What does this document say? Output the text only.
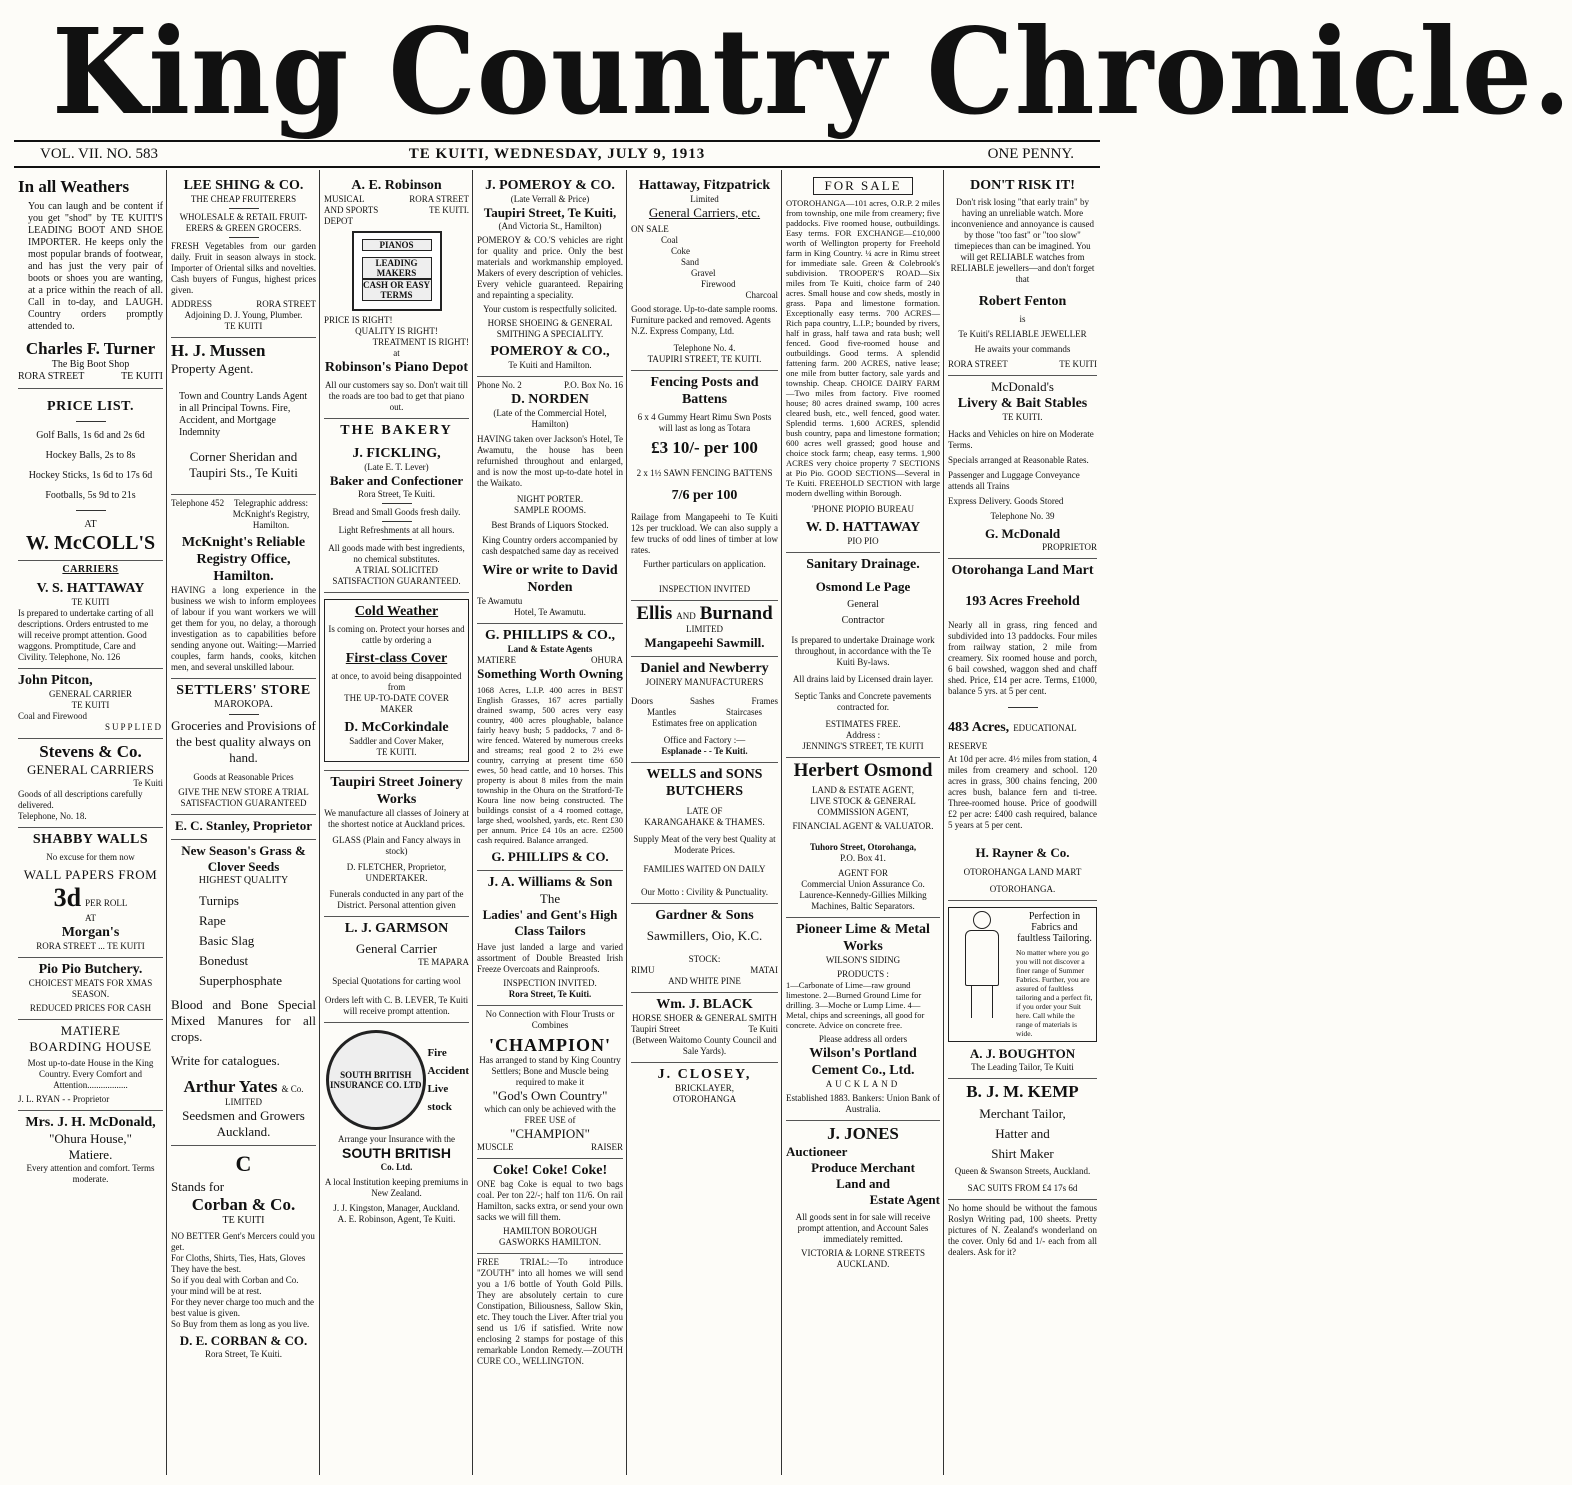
King Country Chronicle.
VOL. VII. NO. 583	TE KUITI, WEDNESDAY, JULY 9, 1913	ONE PENNY.
In all Weathers
You can laugh and be content if you get "shod" by TE KUITI'S LEADING BOOT AND SHOE IMPORTER. He keeps only the most popular brands of footwear, and has just the very pair of boots or shoes you are wanting, at a price within the reach of all. Call in to-day, and LAUGH. Country orders promptly attended to.
Charles F. Turner
The Big Boot Shop
RORA STREET	TE KUITI
PRICE LIST.
Golf Balls, 1s 6d and 2s 6d
Hockey Balls, 2s to 8s
Hockey Sticks, 1s 6d to 17s 6d
Footballs, 5s 9d to 21s
AT
W. McCOLL'S
CARRIERS
V. S. HATTAWAY
TE KUITI
Is prepared to undertake carting of all descriptions. Orders entrusted to me will receive prompt attention. Good waggons. Promptitude, Care and Civility. Telephone, No. 126
John Pitcon,
GENERAL CARRIER
TE KUITI
Coal and Firewood
SUPPLIED
Stevens & Co.
GENERAL CARRIERS
Te Kuiti
Goods of all descriptions carefully delivered.
Telephone, No. 18.
SHABBY WALLS
No excuse for them now
WALL PAPERS FROM
3d PER ROLL
AT
Morgan's
RORA STREET ... TE KUITI
Pio Pio Butchery.
CHOICEST MEATS FOR XMAS SEASON.
REDUCED PRICES FOR CASH
MATIERE
BOARDING HOUSE
Most up-to-date House in the King Country. Every Comfort and Attention..................
J. L. RYAN - - Proprietor
Mrs. J. H. McDonald,
"Ohura House,"
Matiere.
Every attention and comfort. Terms moderate.
LEE SHING & CO.
THE CHEAP FRUITERERS
WHOLESALE & RETAIL FRUIT-ERERS & GREEN GROCERS.
FRESH Vegetables from our garden daily. Fruit in season always in stock. Importer of Oriental silks and novelties. Cash buyers of Fungus, highest prices given.
ADDRESS	RORA STREET
Adjoining D. J. Young, Plumber.
TE KUITI
H. J. Mussen
Property Agent.
Town and Country Lands Agent in all Principal Towns. Fire, Accident, and Mortgage Indemnity
Corner Sheridan and Taupiri Sts., Te Kuiti
Telephone 452	Telegraphic address: McKnight's Registry, Hamilton.
McKnight's Reliable Registry Office, Hamilton.
HAVING a long experience in the business we wish to inform employees of labour if you want workers we will get them for you, no delay, a thorough investigation as to capabilities before sending anyone out. Waiting:—Married couples, farm hands, cooks, kitchen men, and several unskilled labour.
SETTLERS' STORE
MAROKOPA.
Groceries and Provisions of the best quality always on hand.
Goods at Reasonable Prices
GIVE THE NEW STORE A TRIAL SATISFACTION GUARANTEED
E. C. Stanley, Proprietor
New Season's Grass & Clover Seeds
HIGHEST QUALITY
Turnips
Rape
Basic Slag
Bonedust
Superphosphate
Blood and Bone Special Mixed Manures for all crops.
Write for catalogues.
Arthur Yates & Co.
LIMITED
Seedsmen and Growers
Auckland.
C
Stands for
Corban & Co.
TE KUITI
NO BETTER Gent's Mercers could you get.
For Cloths, Shirts, Ties, Hats, Gloves They have the best.
So if you deal with Corban and Co. your mind will be at rest.
For they never charge too much and the best value is given.
So Buy from them as long as you live.
D. E. CORBAN & CO.
Rora Street, Te Kuiti.
A. E. Robinson
MUSICAL AND SPORTS DEPOT
RORA STREET TE KUITI.
PIANOS
LEADING MAKERS
CASH OR EASY TERMS
PRICE IS RIGHT!
QUALITY IS RIGHT!
TREATMENT IS RIGHT!
at
Robinson's Piano Depot
All our customers say so. Don't wait till the roads are too bad to get that piano out.
THE BAKERY
J. FICKLING,
(Late E. T. Lever)
Baker and Confectioner
Rora Street, Te Kuiti.
Bread and Small Goods fresh daily.
Light Refreshments at all hours.
All goods made with best ingredients, no chemical substitutes.
A TRIAL SOLICITED
SATISFACTION GUARANTEED.
Cold Weather
Is coming on. Protect your horses and cattle by ordering a
First-class Cover
at once, to avoid being disappointed
from
THE UP-TO-DATE COVER MAKER
D. McCorkindale
Saddler and Cover Maker,
TE KUITI.
Taupiri Street Joinery Works
We manufacture all classes of Joinery at the shortest notice at Auckland prices.
GLASS (Plain and Fancy always in stock)
D. FLETCHER, Proprietor,
UNDERTAKER.
Funerals conducted in any part of the District. Personal attention given
L. J. GARMSON
General Carrier
TE MAPARA
Special Quotations for carting wool
Orders left with C. B. LEVER, Te Kuiti will receive prompt attention.
SOUTH BRITISH INSURANCE CO. LTD
Fire
Accident
Live
stock
Arrange your Insurance with the
SOUTH BRITISH
Co. Ltd.
A local Institution keeping premiums in New Zealand.
J. J. Kingston, Manager, Auckland.
A. E. Robinson, Agent, Te Kuiti.
J. POMEROY & CO.
(Late Verrall & Price)
Taupiri Street, Te Kuiti,
(And Victoria St., Hamilton)
POMEROY & CO.'S vehicles are right for quality and price. Only the best materials and workmanship employed. Makers of every description of vehicles. Every vehicle guaranteed. Repairing and repainting a speciality.
Your custom is respectfully solicited.
HORSE SHOEING & GENERAL SMITHING A SPECIALITY.
POMEROY & CO.,
Te Kuiti and Hamilton.
Phone No. 2	P.O. Box No. 16
D. NORDEN
(Late of the Commercial Hotel, Hamilton)
HAVING taken over Jackson's Hotel, Te Awamutu, the house has been refurnished throughout and enlarged, and is now the most up-to-date hotel in the Waikato.
NIGHT PORTER.
SAMPLE ROOMS.
Best Brands of Liquors Stocked.
King Country orders accompanied by cash despatched same day as received
Wire or write to David Norden
Te Awamutu
Hotel, Te Awamutu.
G. PHILLIPS & CO.,
Land & Estate Agents
MATIERE	OHURA
Something Worth Owning
1068 Acres, L.I.P. 400 acres in BEST English Grasses, 167 acres partially drained swamp, 500 acres very easy country, 400 acres ploughable, balance fairly heavy bush; 5 paddocks, 7 and 8-wire fenced. Watered by numerous creeks and streams; real good 2 to 2½ ewe country, carrying at present time 650 ewes, 50 head cattle, and 10 horses. This property is about 8 miles from the main township in the Ohura on the Stratford-Te Koura line now being constructed. The buildings consist of a 4 roomed cottage, large shed, woolshed, yards, etc. Rent £30 per annum. Price £4 10s an acre. £2500 cash required. Balance arranged.
G. PHILLIPS & CO.
J. A. Williams & Son
The
Ladies' and Gent's High Class Tailors
Have just landed a large and varied assortment of Double Breasted Irish Freeze Overcoats and Rainproofs.
INSPECTION INVITED.
Rora Street, Te Kuiti.
No Connection with Flour Trusts or Combines
'CHAMPION'
Has arranged to stand by King Country Settlers; Bone and Muscle being required to make it
"God's Own Country"
which can only be achieved with the FREE USE of
"CHAMPION"
MUSCLE	RAISER
Coke! Coke! Coke!
ONE bag Coke is equal to two bags coal. Per ton 22/-; half ton 11/6. On rail Hamilton, sacks extra, or send your own sacks we will fill them.
HAMILTON BOROUGH GASWORKS HAMILTON.
FREE TRIAL:—To introduce "ZOUTH" into all homes we will send you a 1/6 bottle of Youth Gold Pills. They are absolutely certain to cure Constipation, Biliousness, Sallow Skin, etc. They touch the Liver. After trial you send us 1/6 if satisfied. Write now enclosing 2 stamps for postage of this remarkable London Remedy.—ZOUTH CURE CO., WELLINGTON.
Hattaway, Fitzpatrick
Limited
General Carriers, etc.
ON SALE
Coal
Coke
Sand
Gravel
Firewood
Charcoal
Good storage. Up-to-date sample rooms. Furniture packed and removed. Agents N.Z. Express Company, Ltd.
Telephone No. 4.
TAUPIRI STREET, TE KUITI.
Fencing Posts and Battens
6 x 4 Gummy Heart Rimu Swn Posts will last as long as Totara
£3 10/- per 100
2 x 1½ SAWN FENCING BATTENS
7/6 per 100
Railage from Mangapeehi to Te Kuiti 12s per truckload. We can also supply a few trucks of odd lines of timber at low rates.
Further particulars on application.
INSPECTION INVITED
Ellis AND Burnand
LIMITED
Mangapeehi Sawmill.
Daniel and Newberry
JOINERY MANUFACTURERS
Doors	Sashes	Frames
Mantles	Staircases
Estimates free on application
Office and Factory :—
Esplanade - - Te Kuiti.
WELLS and SONS
BUTCHERS
LATE OF
KARANGAHAKE & THAMES.
Supply Meat of the very best Quality at Moderate Prices.
FAMILIES WAITED ON DAILY
Our Motto : Civility & Punctuality.
Gardner & Sons
Sawmillers, Oio, K.C.
STOCK:
RIMU	MATAI
AND WHITE PINE
Wm. J. BLACK
HORSE SHOER & GENERAL SMITH
Taupiri Street	Te Kuiti
(Between Waitomo County Council and Sale Yards).
J. CLOSEY,
BRICKLAYER,
OTOROHANGA
FOR SALE
OTOROHANGA—101 acres, O.R.P. 2 miles from township, one mile from creamery; five paddocks. Five roomed house, outbuildings. Easy terms. FOR EXCHANGE—£10,000 worth of Wellington property for Freehold farm in King Country. ¼ acre in Rimu street for immediate sale. Green & Colebrook's subdivision. TROOPER'S ROAD—Six miles from Te Kuiti, choice farm of 240 acres. Small house and cow sheds, mostly in grass. Papa and limestone formation. Exceptionally easy terms. 700 ACRES—Rich papa country, L.I.P.; bounded by rivers, half in grass, half tawa and rata bush; well fenced. Good five-roomed house and outbuildings. Good terms. A splendid fattening farm. 200 ACRES, native lease; one mile from butter factory, sale yards and township. Cheap. CHOICE DAIRY FARM—Two miles from factory. Five roomed house; 80 acres drained swamp, 100 acres cleared bush, etc., well fenced, good water. Splendid terms. 1,600 ACRES, splendid bush country, papa and limestone formation; 600 acres well grassed; good house and choice stock farm; cheap, easy terms. 1,900 ACRES very choice property 7 SECTIONS at Pio Pio. GOOD SECTIONS—Several in Te Kuiti. FREEHOLD SECTION with large modern dwelling within Borough.
'PHONE PIOPIO BUREAU
W. D. HATTAWAY
PIO PIO
Sanitary Drainage.
Osmond Le Page
General
Contractor
Is prepared to undertake Drainage work throughout, in accordance with the Te Kuiti By-laws.
All drains laid by Licensed drain layer.
Septic Tanks and Concrete pavements contracted for.
ESTIMATES FREE.
Address :
JENNING'S STREET, TE KUITI
Herbert Osmond
LAND & ESTATE AGENT,
LIVE STOCK & GENERAL COMMISSION AGENT,
FINANCIAL AGENT & VALUATOR.
Tuhoro Street, Otorohanga,
P.O. Box 41.
AGENT FOR
Commercial Union Assurance Co. Laurence-Kennedy-Gillies Milking Machines, Baltic Separators.
Pioneer Lime & Metal Works
WILSON'S SIDING
PRODUCTS :
1—Carbonate of Lime—raw ground limestone. 2—Burned Ground Lime for drilling. 3—Moche or Lump Lime. 4—Metal, chips and screenings, all good for concrete. Advice on concrete free.
Please address all orders
Wilson's Portland Cement Co., Ltd.
AUCKLAND
Established 1883. Bankers: Union Bank of Australia.
J. JONES
Auctioneer
Produce Merchant
Land and
Estate Agent
All goods sent in for sale will receive prompt attention, and Account Sales immediately remitted.
VICTORIA & LORNE STREETS AUCKLAND.
DON'T RISK IT!
Don't risk losing "that early train" by having an unreliable watch. More inconvenience and annoyance is caused by those "too fast" or "too slow" timepieces than can be imagined. You will get RELIABLE watches from RELIABLE jewellers—and don't forget that
Robert Fenton
is
Te Kuiti's RELIABLE JEWELLER
He awaits your commands
RORA STREET	TE KUITI
McDonald's
Livery & Bait Stables
TE KUITI.
Hacks and Vehicles on hire on Moderate Terms.
Specials arranged at Reasonable Rates.
Passenger and Luggage Conveyance attends all Trains
Express Delivery. Goods Stored
Telephone No. 39
G. McDonald
PROPRIETOR
Otorohanga Land Mart
193 Acres Freehold
Nearly all in grass, ring fenced and subdivided into 13 paddocks. Four miles from railway station, 2 mile from creamery. Six roomed house and porch, 6 bail cowshed, waggon shed and chaff shed. Price, £14 per acre. Terms, £1000, balance 5 yrs. at 5 per cent.
483 Acres, EDUCATIONAL RESERVE
At 10d per acre. 4½ miles from station, 4 miles from creamery and school. 120 acres in grass, 300 chains fencing, 200 acres bush, balance fern and ti-tree. Three-roomed house. Price of goodwill £2 per acre: £400 cash required, balance 5 years at 5 per cent.
H. Rayner & Co.
OTOROHANGA LAND MART
OTOROHANGA.
Perfection in Fabrics and faultless Tailoring.
No matter where you go you will not discover a finer range of Summer Fabrics. Further, you are assured of faultless tailoring and a perfect fit, if you order your Suit here. Call while the range of materials is wide.
A. J. BOUGHTON
The Leading Tailor, Te Kuiti
B. J. M. KEMP
Merchant Tailor,
Hatter and
Shirt Maker
Queen & Swanson Streets, Auckland.
SAC SUITS FROM £4 17s 6d
No home should be without the famous Roslyn Writing pad, 100 sheets. Pretty pictures of N. Zealand's wonderland on the cover. Only 6d and 1/- each from all dealers. Ask for it?
